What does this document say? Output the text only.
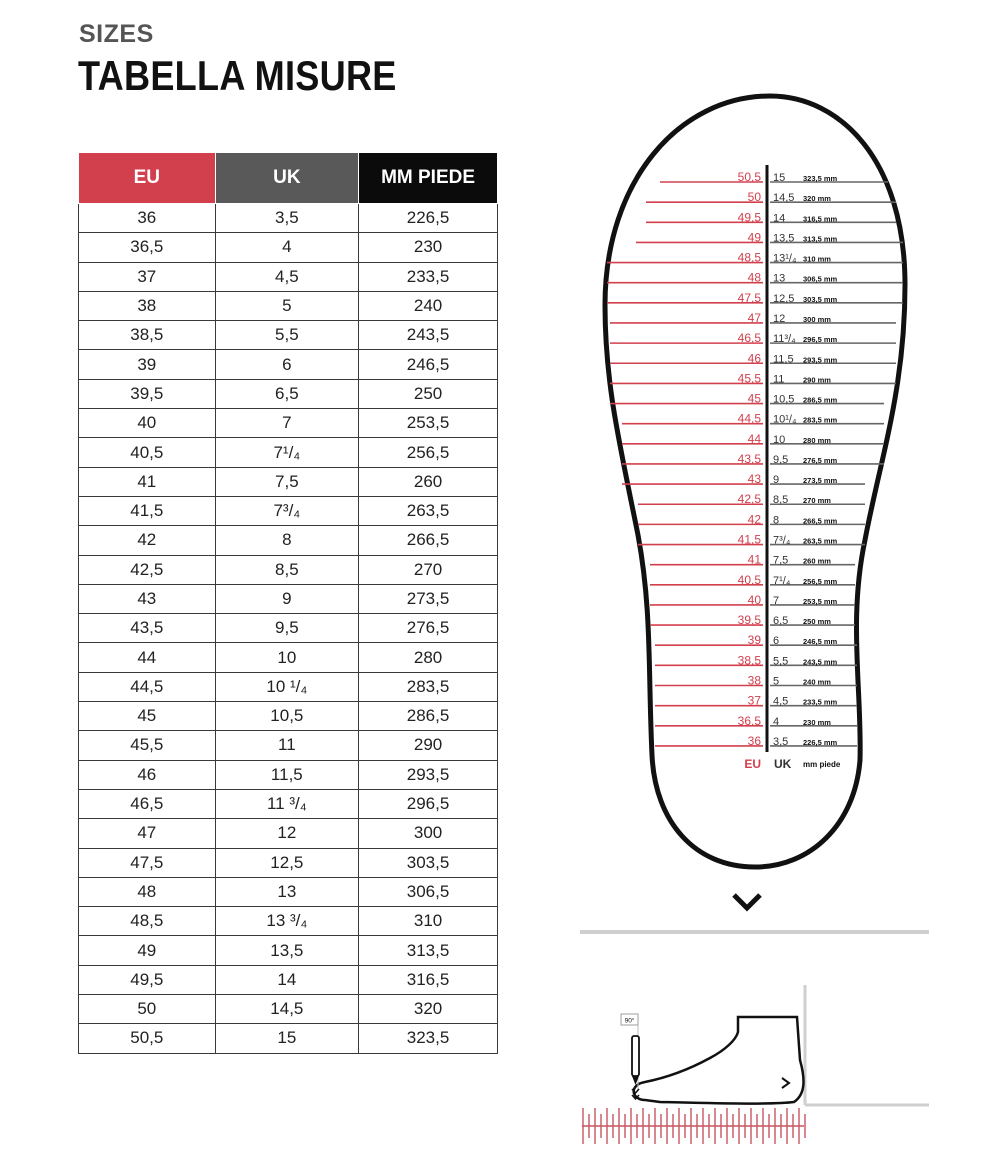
SIZES
TABELLA MISURE
EU	UK	MM PIEDE
36	3,5	226,5
36,5	4	230
37	4,5	233,5
38	5	240
38,5	5,5	243,5
39	6	246,5
39,5	6,5	250
40	7	253,5
40,5	7¹/₄	256,5
41	7,5	260
41,5	7³/₄	263,5
42	8	266,5
42,5	8,5	270
43	9	273,5
43,5	9,5	276,5
44	10	280
44,5	10 ¹/₄	283,5
45	10,5	286,5
45,5	11	290
46	11,5	293,5
46,5	11 ³/₄	296,5
47	12	300
47,5	12,5	303,5
48	13	306,5
48,5	13 ³/₄	310
49	13,5	313,5
49,5	14	316,5
50	14,5	320
50,5	15	323,5
50,5 15 323,5 mm
50 14,5 320 mm
49,5 14 316,5 mm
49 13,5 313,5 mm
48,5 13¹/₄ 310 mm
48 13 306,5 mm
47,5 12,5 303,5 mm
47 12 300 mm
46,5 11³/₄ 296,5 mm
46 11,5 293,5 mm
45,5 11 290 mm
45 10,5 286,5 mm
44,5 10¹/₄ 283,5 mm
44 10 280 mm
43,5 9,5 276,5 mm
43 9	273,5 mm
42,5 8,5 270 mm
42 8	266,5 mm
41,5 7³/₄ 263,5 mm
41 7,5 260 mm
40,5 7¹/₄ 256,5 mm
40 7	253,5 mm
39,5 6,5 250 mm
39 6	246,5 mm
38,5 5,5 243,5 mm
38 5	240 mm
37 4,5 233,5 mm
36,5 4	230 mm
36 3,5 226,5 mm
EU UK mm piede
90°
